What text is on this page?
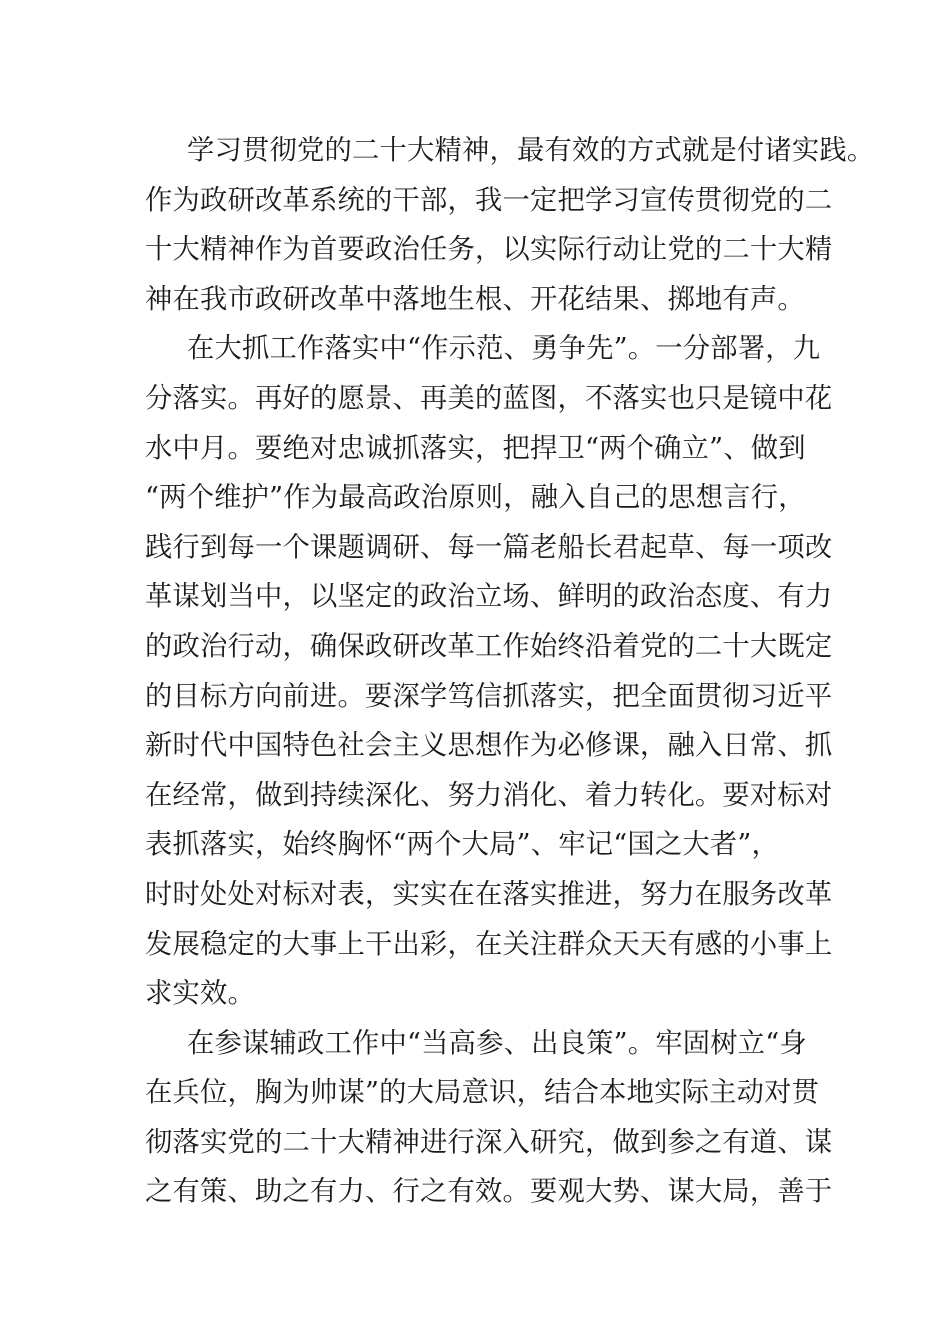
学习贯彻党的二十大精神，最有效的方式就是付诸实践。
作为政研改革系统的干部，我一定把学习宣传贯彻党的二
十大精神作为首要政治任务，以实际行动让党的二十大精
神在我市政研改革中落地生根、开花结果、掷地有声。
在大抓工作落实中“作示范、勇争先”。一分部署，九
分落实。再好的愿景、再美的蓝图，不落实也只是镜中花
水中月。要绝对忠诚抓落实，把捍卫“两个确立”、做到
“两个维护”作为最高政治原则，融入自己的思想言行，
践行到每一个课题调研、每一篇老船长君起草、每一项改
革谋划当中，以坚定的政治立场、鲜明的政治态度、有力
的政治行动，确保政研改革工作始终沿着党的二十大既定
的目标方向前进。要深学笃信抓落实，把全面贯彻习近平
新时代中国特色社会主义思想作为必修课，融入日常、抓
在经常，做到持续深化、努力消化、着力转化。要对标对
表抓落实，始终胸怀“两个大局”、牢记“国之大者”，
时时处处对标对表，实实在在落实推进，努力在服务改革
发展稳定的大事上干出彩，在关注群众天天有感的小事上
求实效。
在参谋辅政工作中“当高参、出良策”。牢固树立“身
在兵位，胸为帅谋”的大局意识，结合本地实际主动对贯
彻落实党的二十大精神进行深入研究，做到参之有道、谋
之有策、助之有力、行之有效。要观大势、谋大局，善于
